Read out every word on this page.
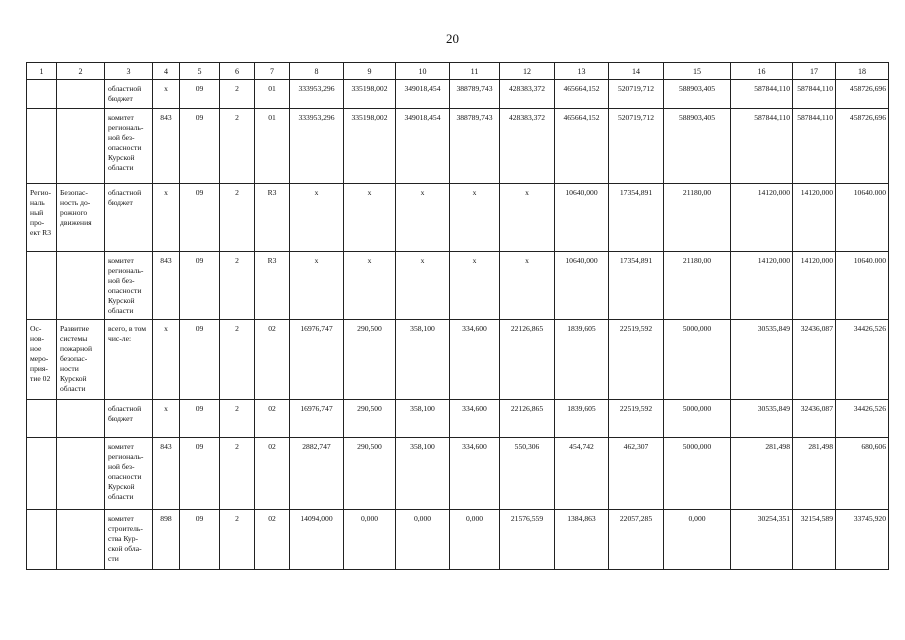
20
1	2	3	4	5	6	7	8	9	10	11	12	13	14	15	16	17	18
		областной бюджет	х	09	2	01	333953,296	335198,002	349018,454	388789,743	428383,372	465664,152	520719,712	588903,405	587844,110	587844,110	458726,696
		комитет региональ-ной без-опасности Курской области	843	09	2	01	333953,296	335198,002	349018,454	388789,743	428383,372	465664,152	520719,712	588903,405	587844,110	587844,110	458726,696
Регио-наль ный про-ект R3	Безопас-ность до-рожного движения	областной бюджет	х	09	2	R3	х	х	х	х	х	10640,000	17354,891	21180,00	14120,000	14120,000	10640.000
		комитет региональ-ной без-опасности Курской области	843	09	2	R3	х	х	х	х	х	10640,000	17354,891	21180,00	14120,000	14120,000	10640.000
Ос-нов-ное меро-прия-тие 02	Развитие системы пожарной безопас-ности Курской области	всего, в том чис-ле:	х	09	2	02	16976,747	290,500	358,100	334,600	22126,865	1839,605	22519,592	5000,000	30535,849	32436,087	34426,526
		областной бюджет	х	09	2	02	16976,747	290,500	358,100	334,600	22126,865	1839,605	22519,592	5000,000	30535,849	32436,087	34426,526
		комитет региональ-ной без-опасности Курской области	843	09	2	02	2882,747	290,500	358,100	334,600	550,306	454,742	462,307	5000,000	281,498	281,498	680,606
		комитет строитель-ства Кур-ской обла-сти	898	09	2	02	14094,000	0,000	0,000	0,000	21576,559	1384,863	22057,285	0,000	30254,351	32154,589	33745,920
